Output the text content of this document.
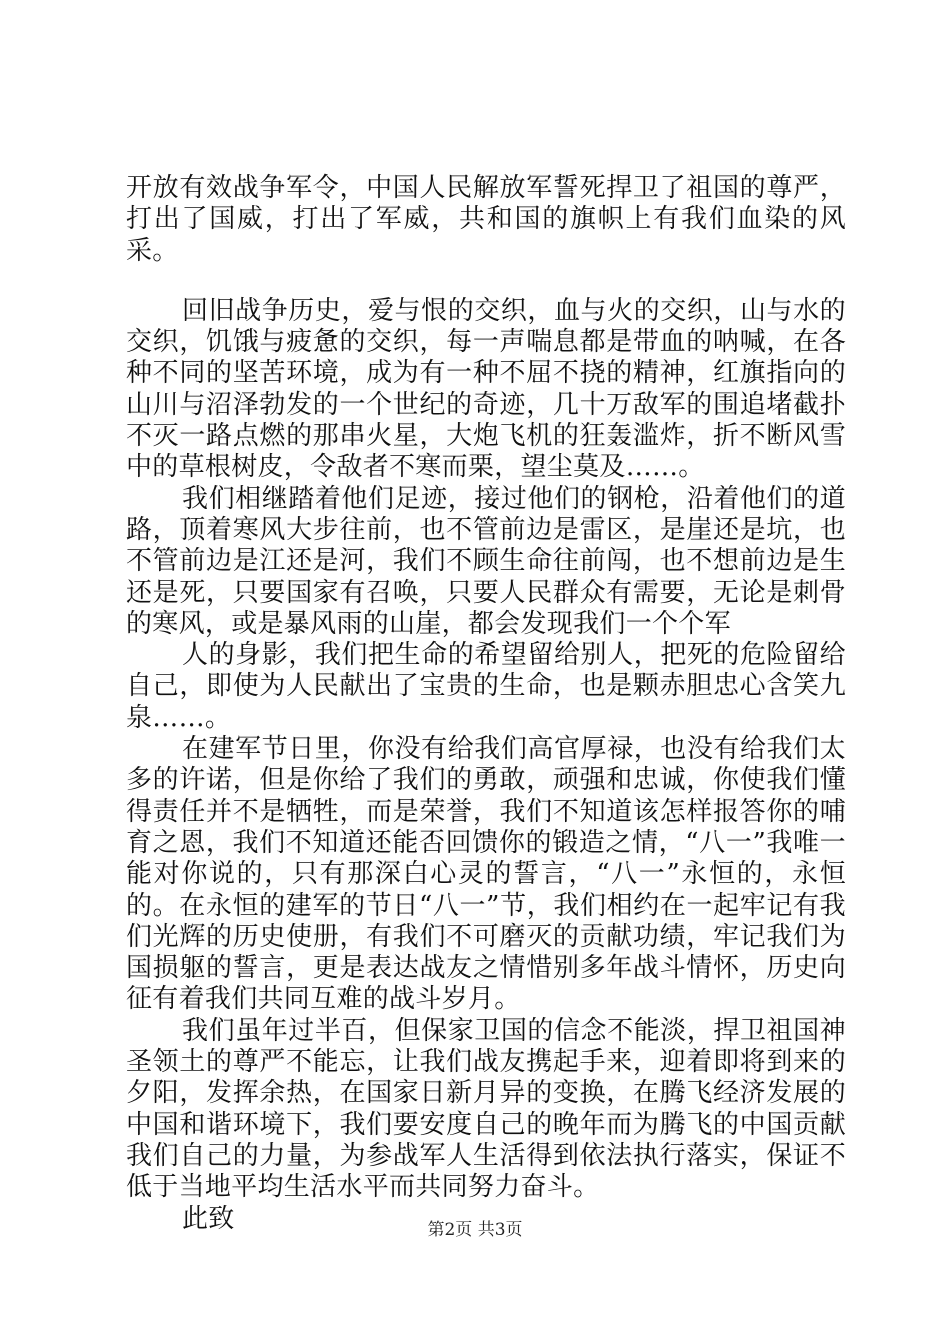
开放有效战争军令，中国人民解放军誓死捍卫了祖国的尊严，打出了国威，打出了军威，共和国的旗帜上有我们血染的风采。

回旧战争历史，爱与恨的交织，血与火的交织，山与水的交织，饥饿与疲惫的交织，每一声喘息都是带血的呐喊，在各种不同的坚苦环境，成为有一种不屈不挠的精神，红旗指向的山川与沼泽勃发的一个世纪的奇迹，几十万敌军的围追堵截扑不灭一路点燃的那串火星，大炮飞机的狂轰滥炸，折不断风雪中的草根树皮，令敌者不寒而栗，望尘莫及……。

我们相继踏着他们足迹，接过他们的钢枪，沿着他们的道路，顶着寒风大步往前，也不管前边是雷区，是崖还是坑，也不管前边是江还是河，我们不顾生命往前闯，也不想前边是生还是死，只要国家有召唤，只要人民群众有需要，无论是刺骨的寒风，或是暴风雨的山崖，都会发现我们一个个军

人的身影，我们把生命的希望留给别人，把死的危险留给自己，即使为人民献出了宝贵的生命，也是颗赤胆忠心含笑九泉……。

在建军节日里，你没有给我们高官厚禄，也没有给我们太多的许诺，但是你给了我们的勇敢，顽强和忠诚，你使我们懂得责任并不是牺牲，而是荣誉，我们不知道该怎样报答你的哺育之恩，我们不知道还能否回馈你的锻造之情，“八一”我唯一能对你说的，只有那深白心灵的誓言，“八一”永恒的，永恒的。在永恒的建军的节日“八一”节，我们相约在一起牢记有我们光辉的历史使册，有我们不可磨灭的贡献功绩，牢记我们为国损躯的誓言，更是表达战友之情惜别多年战斗情怀，历史向征有着我们共同互难的战斗岁月。

我们虽年过半百，但保家卫国的信念不能淡，捍卫祖国神圣领土的尊严不能忘，让我们战友携起手来，迎着即将到来的夕阳，发挥余热，在国家日新月异的变换，在腾飞经济发展的中国和谐环境下，我们要安度自己的晚年而为腾飞的中国贡献我们自己的力量，为参战军人生活得到依法执行落实，保证不低于当地平均生活水平而共同努力奋斗。

此致	第2页 共3页
